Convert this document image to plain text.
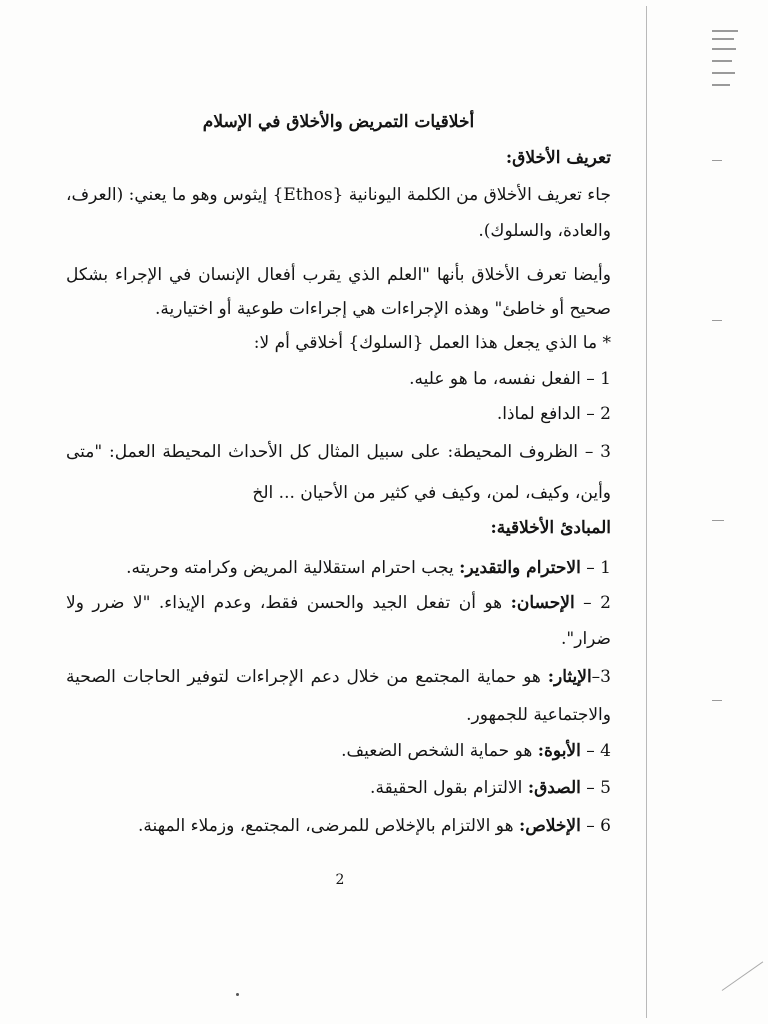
أخلاقيات التمريض والأخلاق في الإسلام
تعريف الأخلاق:
جاء تعريف الأخلاق من الكلمة اليونانية {Ethos} إيثوس وهو ما يعني: (العرف،
والعادة، والسلوك).
وأيضا تعرف الأخلاق بأنها "العلم الذي يقرب أفعال الإنسان في الإجراء بشكل
صحيح أو خاطئ" وهذه الإجراءات هي إجراءات طوعية أو اختيارية.
* ما الذي يجعل هذا العمل {السلوك} أخلاقي أم لا:
1 – الفعل نفسه، ما هو عليه.
2 – الدافع لماذا.
3 – الظروف المحيطة: على سبيل المثال كل الأحداث المحيطة العمل: "متى
وأين، وكيف، لمن، وكيف في كثير من الأحيان ... الخ
المبادئ الأخلاقية:
1 – الاحترام والتقدير: يجب احترام استقلالية المريض وكرامته وحريته.
2 – الإحسان: هو أن تفعل الجيد والحسن فقط، وعدم الإيذاء. "لا ضرر ولا
ضرار".
3–الإيثار: هو حماية المجتمع من خلال دعم الإجراءات لتوفير الحاجات الصحية
والاجتماعية للجمهور.
4 – الأبوة: هو حماية الشخص الضعيف.
5 – الصدق: الالتزام بقول الحقيقة.
6 – الإخلاص: هو الالتزام بالإخلاص للمرضى، المجتمع، وزملاء المهنة.
2
